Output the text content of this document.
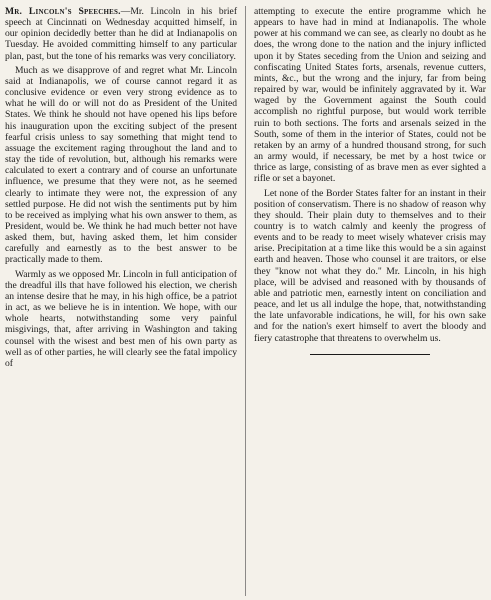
Mr. Lincoln's Speeches.—Mr. Lincoln in his brief speech at Cincinnati on Wednesday acquitted himself, in our opinion decidedly better than he did at Indianapolis on Tuesday. He avoided committing himself to any particular plan, past, but the tone of his remarks was very conciliatory.

Much as we disapprove of and regret what Mr. Lincoln said at Indianapolis, we of course cannot regard it as conclusive evidence or even very strong evidence as to what he will do or will not do as President of the United States. We think he should not have opened his lips before his inauguration upon the exciting subject of the present fearful crisis unless to say something that might tend to assuage the excitement raging throughout the land and to stay the tide of revolution, but, although his remarks were calculated to exert a contrary and of course an unfortunate influence, we presume that they were not, as he seemed clearly to intimate they were not, the expression of any settled purpose. He did not wish the sentiments put by him to be received as implying what his own answer to them, as President, would be. We think he had much better not have asked them, but, having asked them, let him consider carefully and earnestly as to the best answer to be practically made to them.

Warmly as we opposed Mr. Lincoln in full anticipation of the dreadful ills that have followed his election, we cherish an intense desire that he may, in his high office, be a patriot in act, as we believe he is in intention. We hope, with our whole hearts, notwithstanding some very painful misgivings, that, after arriving in Washington and taking counsel with the wisest and best men of his own party as well as of other parties, he will clearly see the fatal impolicy of

attempting to execute the entire programme which he appears to have had in mind at Indianapolis. The whole power at his command we can see, as clearly no doubt as he does, the wrong done to the nation and the injury inflicted upon it by States seceding from the Union and seizing and confiscating United States forts, arsenals, revenue cutters, mints, &c., but the wrong and the injury, far from being repaired by war, would be infinitely aggravated by it. War waged by the Government against the South could accomplish no rightful purpose, but would work terrible ruin to both sections. The forts and arsenals seized in the South, some of them in the interior of States, could not be retaken by an army of a hundred thousand strong, for such an army would, if necessary, be met by a host twice or thrice as large, consisting of as brave men as ever sighted a rifle or set a bayonet.

Let none of the Border States falter for an instant in their position of conservatism. There is no shadow of reason why they should. Their plain duty to themselves and to their country is to watch calmly and keenly the progress of events and to be ready to meet wisely whatever crisis may arise. Precipitation at a time like this would be a sin against earth and heaven. Those who counsel it are traitors, or else they "know not what they do." Mr. Lincoln, in his high place, will be advised and reasoned with by thousands of able and patriotic men, earnestly intent on conciliation and peace, and let us all indulge the hope, that, notwithstanding the late unfavorable indications, he will, for his own sake and for the nation's exert himself to avert the bloody and fiery catastrophe that threatens to overwhelm us.
